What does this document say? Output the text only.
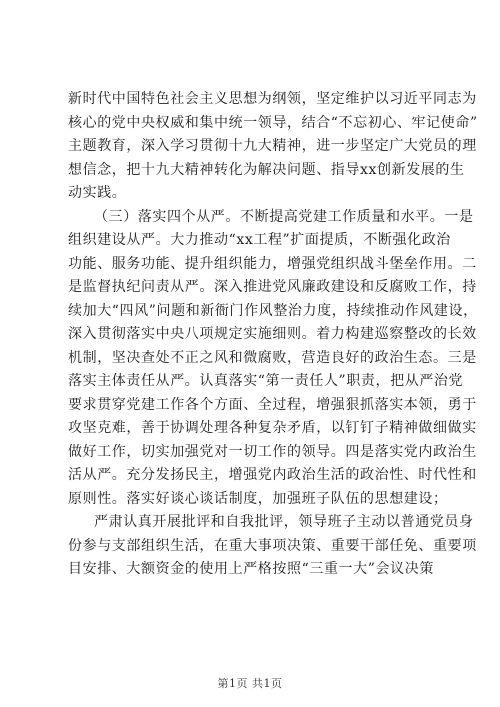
新时代中国特色社会主义思想为纲领，坚定维护以习近平同志为
核心的党中央权威和集中统一领导，结合“不忘初心、牢记使命”
主题教育，深入学习贯彻十九大精神，进一步坚定广大党员的理
想信念，把十九大精神转化为解决问题、指导xx创新发展的生
动实践。
（三）落实四个从严。不断提高党建工作质量和水平。一是
组织建设从严。大力推动“xx工程”扩面提质，不断强化政治
功能、服务功能、提升组织能力，增强党组织战斗堡垒作用。二
是监督执纪问责从严。深入推进党风廉政建设和反腐败工作，持
续加大“四风”问题和新衙门作风整治力度，持续推动作风建设，
深入贯彻落实中央八项规定实施细则。着力构建巡察整改的长效
机制，坚决查处不正之风和微腐败，营造良好的政治生态。三是
落实主体责任从严。认真落实“第一责任人”职责，把从严治党
要求贯穿党建工作各个方面、全过程，增强狠抓落实本领，勇于
攻坚克难，善于协调处理各种复杂矛盾，以钉钉子精神做细做实
做好工作，切实加强党对一切工作的领导。四是落实党内政治生
活从严。充分发扬民主，增强党内政治生活的政治性、时代性和
原则性。落实好谈心谈话制度，加强班子队伍的思想建设；
严肃认真开展批评和自我批评，领导班子主动以普通党员身
份参与支部组织生活，在重大事项决策、重要干部任免、重要项
目安排、大额资金的使用上严格按照“三重一大”会议决策
第1页 共1页
